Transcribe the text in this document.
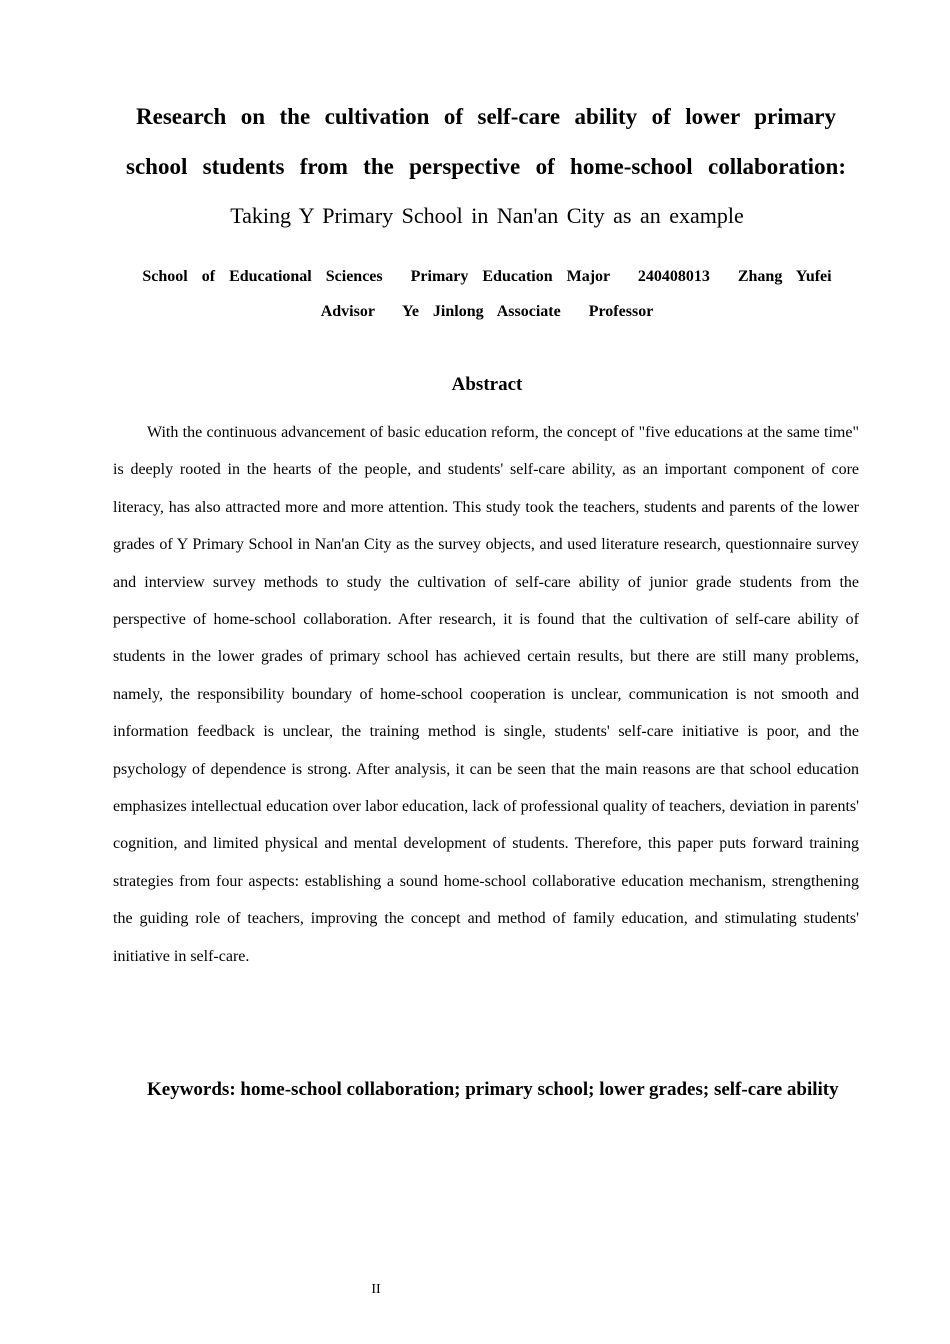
Research on the cultivation of self-care ability of lower primary
school students from the perspective of home-school collaboration:
Taking Y Primary School in Nan'an City as an example
School  of  Educational  Sciences    Primary  Education  Major    240408013    Zhang  Yufei
Advisor    Ye  Jinlong  Associate    Professor
Abstract

With the continuous advancement of basic education reform, the concept of "five educations at the same time" is deeply rooted in the hearts of the people, and students' self-care ability, as an important component of core literacy, has also attracted more and more attention. This study took the teachers, students and parents of the lower grades of Y Primary School in Nan'an City as the survey objects, and used literature research, questionnaire survey and interview survey methods to study the cultivation of self-care ability of junior grade students from the perspective of home-school collaboration. After research, it is found that the cultivation of self-care ability of students in the lower grades of primary school has achieved certain results, but there are still many problems, namely, the responsibility boundary of home-school cooperation is unclear, communication is not smooth and information feedback is unclear, the training method is single, students' self-care initiative is poor, and the psychology of dependence is strong. After analysis, it can be seen that the main reasons are that school education emphasizes intellectual education over labor education, lack of professional quality of teachers, deviation in parents' cognition, and limited physical and mental development of students. Therefore, this paper puts forward training strategies from four aspects: establishing a sound home-school collaborative education mechanism, strengthening the guiding role of teachers, improving the concept and method of family education, and stimulating students' initiative in self-care.

Keywords: home-school collaboration; primary school; lower grades; self-care ability

II
